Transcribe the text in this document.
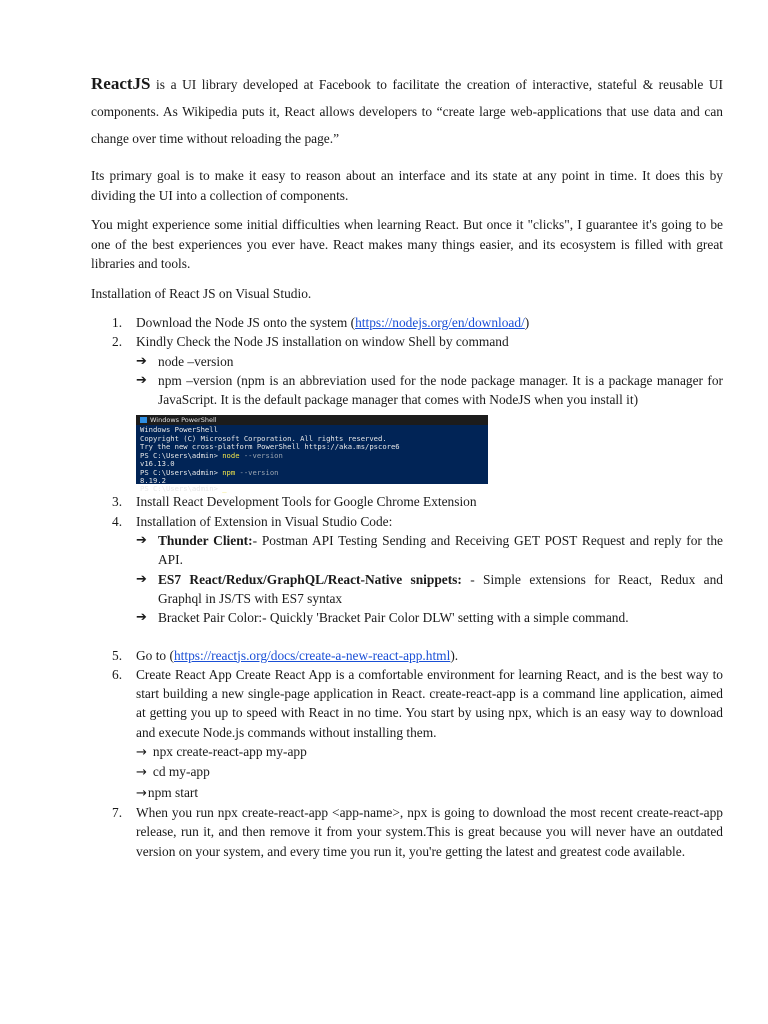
ReactJS is a UI library developed at Facebook to facilitate the creation of interactive, stateful & reusable UI components. As Wikipedia puts it, React allows developers to “create large web-applications that use data and can change over time without reloading the page.”

Its primary goal is to make it easy to reason about an interface and its state at any point in time. It does this by dividing the UI into a collection of components.

You might experience some initial difficulties when learning React. But once it "clicks", I guarantee it's going to be one of the best experiences you ever have. React makes many things easier, and its ecosystem is filled with great libraries and tools.

Installation of React JS on Visual Studio.

1. Download the Node JS onto the system (https://nodejs.org/en/download/)
2. Kindly Check the Node JS installation on window Shell by command
➔ node –version
➔ npm –version (npm is an abbreviation used for the node package manager. It is a package manager for JavaScript. It is the default package manager that comes with NodeJS when you install it)
Windows PowerShell
Windows PowerShell
Copyright (C) Microsoft Corporation. All rights reserved.
Try the new cross-platform PowerShell https://aka.ms/pscore6
PS C:\Users\admin> node --version
v16.13.0
PS C:\Users\admin> npm --version
8.19.2
PS C:\Users\admin> _
3. Install React Development Tools for Google Chrome Extension
4. Installation of Extension in Visual Studio Code:
➔ Thunder Client:- Postman API Testing Sending and Receiving GET POST Request and reply for the API.
➔ ES7 React/Redux/GraphQL/React-Native snippets: - Simple extensions for React, Redux and Graphql in JS/TS with ES7 syntax
➔ Bracket Pair Color:- Quickly 'Bracket Pair Color DLW' setting with a simple command.
5. Go to (https://reactjs.org/docs/create-a-new-react-app.html).
6. Create React App Create React App is a comfortable environment for learning React, and is the best way to start building a new single-page application in React. create-react-app is a command line application, aimed at getting you up to speed with React in no time. You start by using npx, which is an easy way to download and execute Node.js commands without installing them.
→ npx create-react-app my-app
→ cd my-app
→npm start
7. When you run npx create-react-app <app-name>, npx is going to download the most recent create-react-app release, run it, and then remove it from your system.This is great because you will never have an outdated version on your system, and every time you run it, you're getting the latest and greatest code available.
